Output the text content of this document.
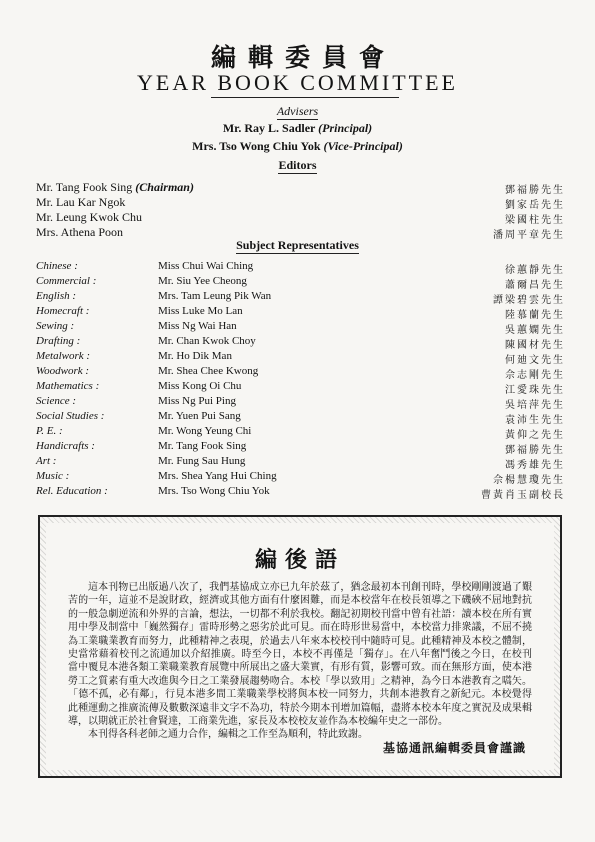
編輯委員會
YEAR BOOK COMMITTEE
Advisers
Mr. Ray L. Sadler (Principal)
Mrs. Tso Wong Chiu Yok (Vice-Principal)
Editors
Mr. Tang Fook Sing (Chairman)	鄧福勝先生
Mr. Lau Kar Ngok	劉家岳先生
Mr. Leung Kwok Chu	梁國柱先生
Mrs. Athena Poon	潘周平章先生
Subject Representatives
Chinese :	Miss Chui Wai Ching	徐蕙靜先生
Commercial :	Mr. Siu Yee Cheong	蕭爾昌先生
English :	Mrs. Tam Leung Pik Wan	譚梁碧雲先生
Homecraft :	Miss Luke Mo Lan	陸慕蘭先生
Sewing :	Miss Ng Wai Han	吳蕙嫻先生
Drafting :	Mr. Chan Kwok Choy	陳國材先生
Metalwork :	Mr. Ho Dik Man	何廸文先生
Woodwork :	Mr. Shea Chee Kwong	佘志剛先生
Mathematics :	Miss Kong Oi Chu	江愛珠先生
Science :	Miss Ng Pui Ping	吳培萍先生
Social Studies :	Mr. Yuen Pui Sang	袁沛生先生
P. E. :	Mr. Wong Yeung Chi	黃仰之先生
Handicrafts :	Mr. Tang Fook Sing	鄧福勝先生
Art :	Mr. Fung Sau Hung	馮秀雄先生
Music :	Mrs. Shea Yang Hui Ching	佘楊慧瓊先生
Rel. Education :	Mrs. Tso Wong Chiu Yok	曹黃肖玉副校長
編後語

這本刊物已出版過八次了，我們基協成立亦已九年於茲了，猶念最初本刊創刊時，學校剛剛渡過了艱苦的一年，這並不是說財政，經濟或其他方面有什麼困難，而是本校當年在校長領導之下磯硤不屈地對抗的一般急劇逆流和外界的言論，想法，一切都不利於我校。翻記初期校刊當中曾有社語：讀本校在所有實用中學及制當中「巍然獨存」雷時形勢之惡劣於此可見。而在時形世易當中，本校當力排衆議，不屈不撓為工業職業教育而努力，此種精神之表現，於過去八年來本校校刊中隨時可見。此種精神及本校之體制，史當常藉着校刊之流通加以介紹推廣。時至今日，本校不再僅是「獨存」。在八年奮鬥後之今日，在校刊當中覆見本港各類工業職業教育展覽中所展出之盛大業實，有形有質，影響可致。而在無形方面，使本港勞工之質素有重大改進與今日之工業發展趨勢吻合。本校「學以致用」之精神，為今日本港教育之嚆矢。「德不孤，必有鄰」，行見本港多間工業職業學校將與本校一同努力，共創本港教育之新紀元。本校覺得此種運動之推廣流傳及數數深遠非文字不為功，特於今期本刊增加篇幅，盡將本校本年度之實況及成果輯導，以期就正於社會賢達，工商業先進，家長及本校校友並作為本校編年史之一部份。

本刊得各科老師之通力合作，編輯之工作至為順利，特此致謝。

基協通訊編輯委員會謹識
